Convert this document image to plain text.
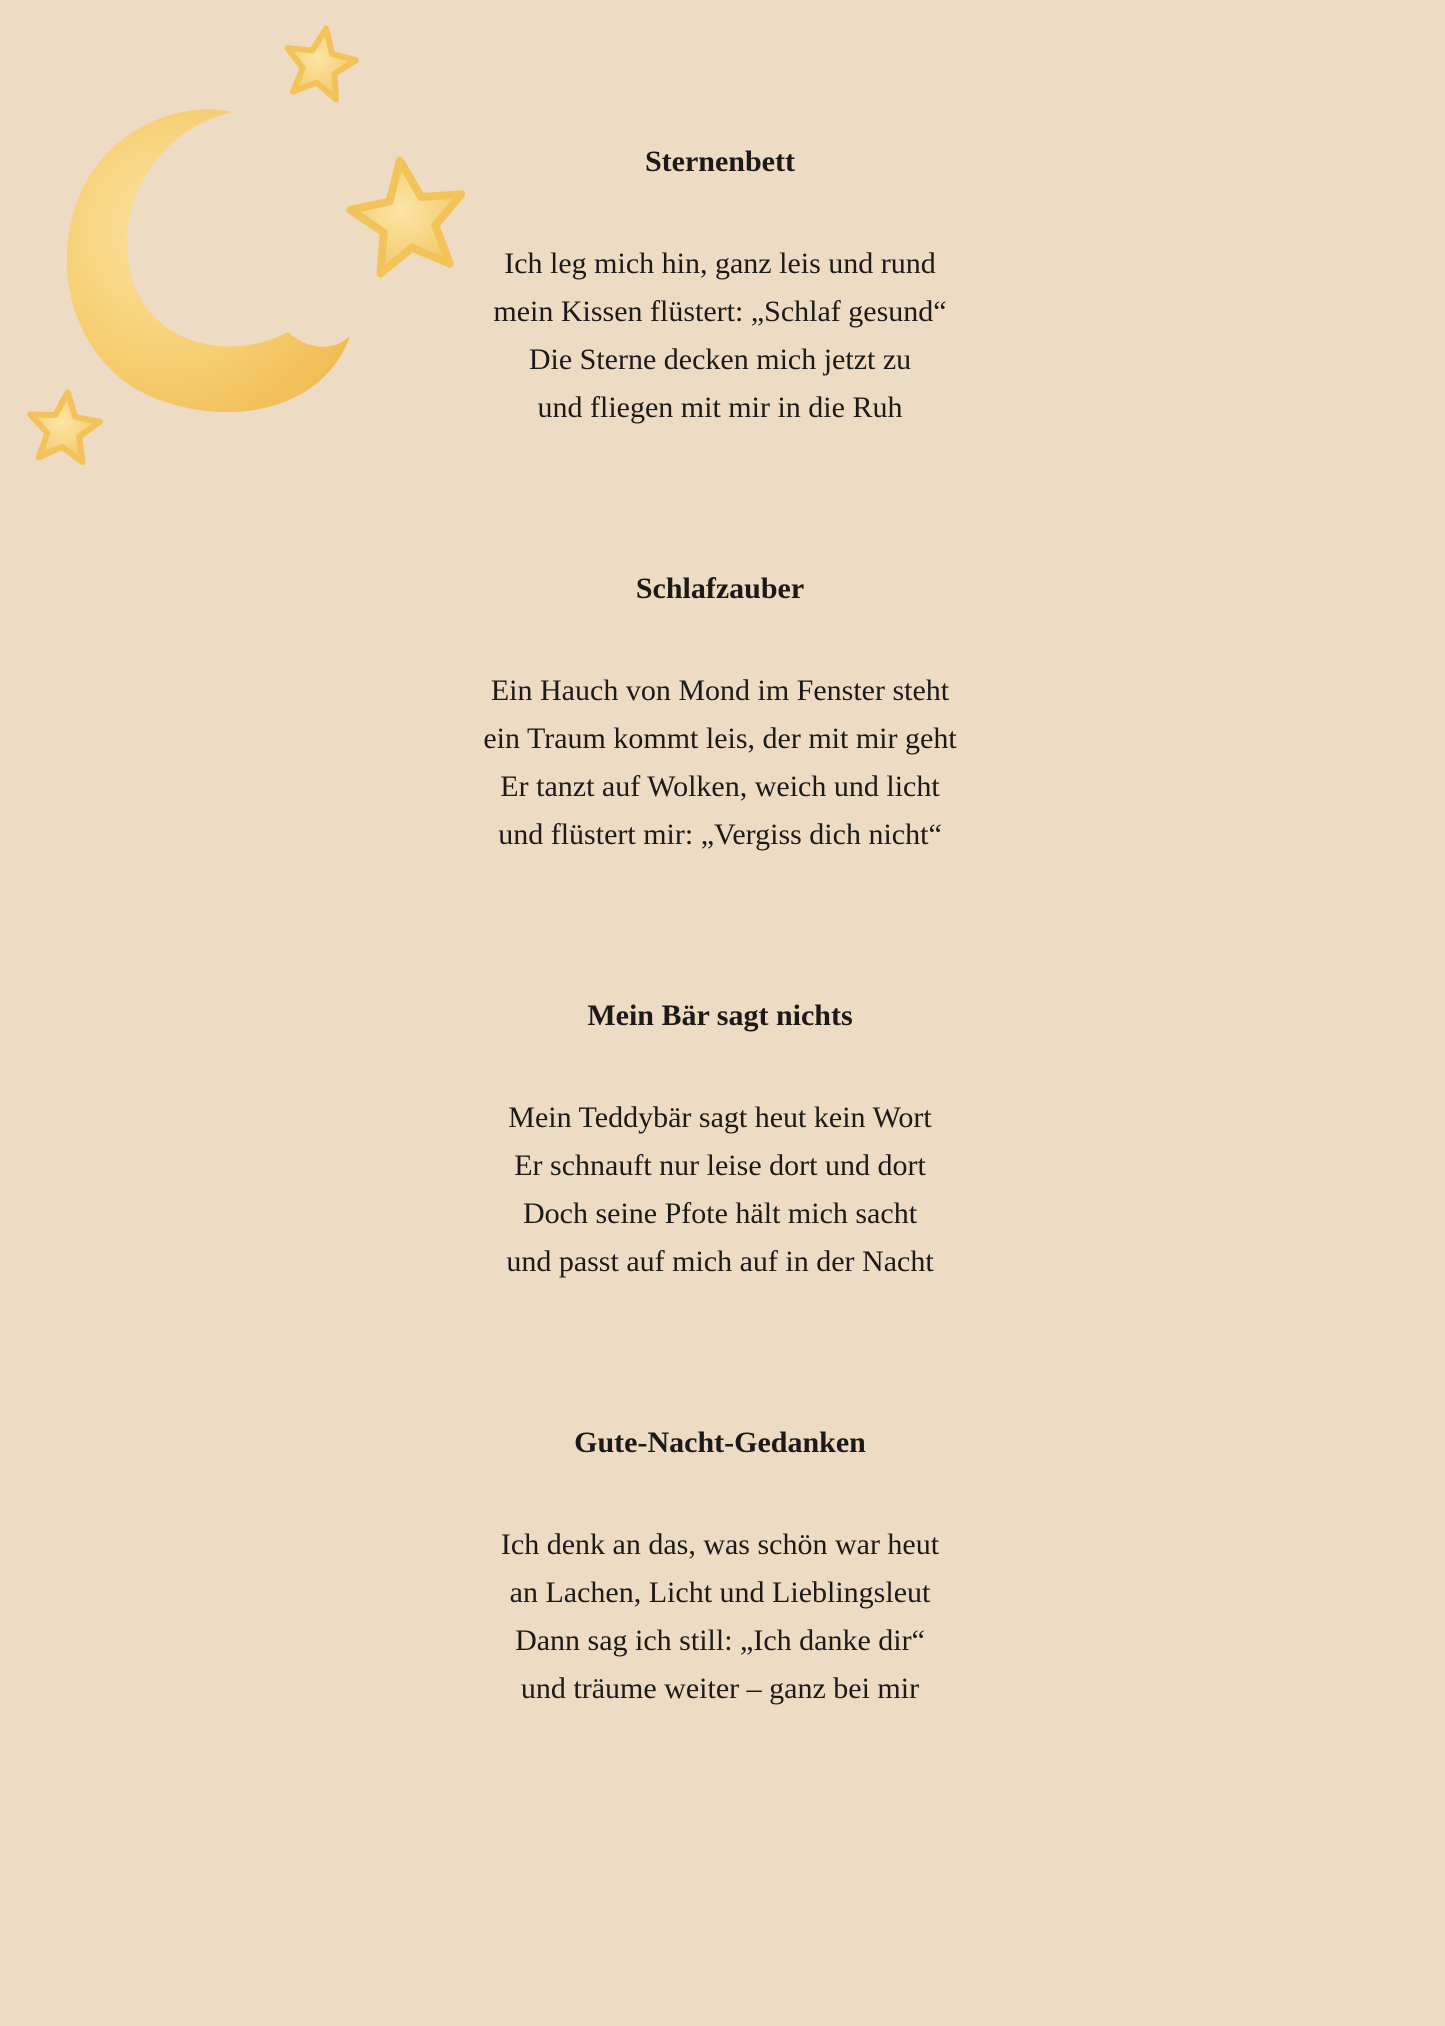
Sternenbett
Ich leg mich hin, ganz leis und rund
mein Kissen flüstert: „Schlaf gesund“
Die Sterne decken mich jetzt zu
und fliegen mit mir in die Ruh
Schlafzauber
Ein Hauch von Mond im Fenster steht
ein Traum kommt leis, der mit mir geht
Er tanzt auf Wolken, weich und licht
und flüstert mir: „Vergiss dich nicht“
Mein Bär sagt nichts
Mein Teddybär sagt heut kein Wort
Er schnauft nur leise dort und dort
Doch seine Pfote hält mich sacht
und passt auf mich auf in der Nacht
Gute-Nacht-Gedanken
Ich denk an das, was schön war heut
an Lachen, Licht und Lieblingsleut
Dann sag ich still: „Ich danke dir“
und träume weiter – ganz bei mir
